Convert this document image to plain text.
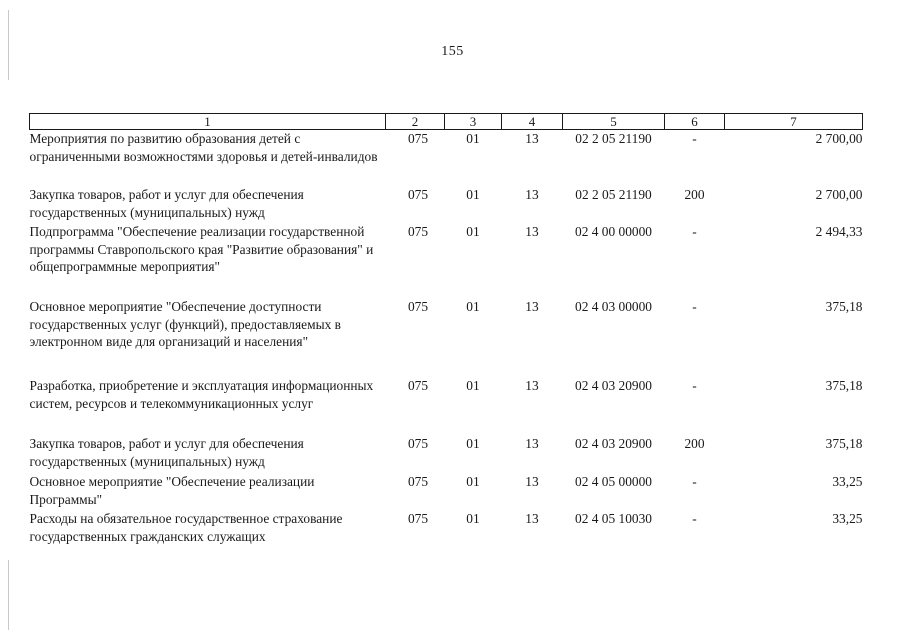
155
1	2	3	4	5	6	7
Мероприятия по развитию образования детей с ограниченными возможностями здоровья и детей-инвалидов	075	01	13	02 2 05 21190	-	2 700,00
Закупка товаров, работ и услуг для обеспечения государственных (муниципальных) нужд	075	01	13	02 2 05 21190	200	2 700,00
Подпрограмма "Обеспечение реализации государственной программы Ставропольского края "Развитие образования" и общепрограммные мероприятия"	075	01	13	02 4 00 00000	-	2 494,33
Основное мероприятие "Обеспечение доступности государственных услуг (функций), предоставляемых в электронном виде для организаций и населения"	075	01	13	02 4 03 00000	-	375,18
Разработка, приобретение и эксплуатация информационных систем, ресурсов и телекоммуникационных услуг	075	01	13	02 4 03 20900	-	375,18
Закупка товаров, работ и услуг для обеспечения государственных (муниципальных) нужд	075	01	13	02 4 03 20900	200	375,18
Основное мероприятие "Обеспечение реализации Программы"	075	01	13	02 4 05 00000	-	33,25
Расходы на обязательное государственное страхование государственных гражданских служащих	075	01	13	02 4 05 10030	-	33,25
